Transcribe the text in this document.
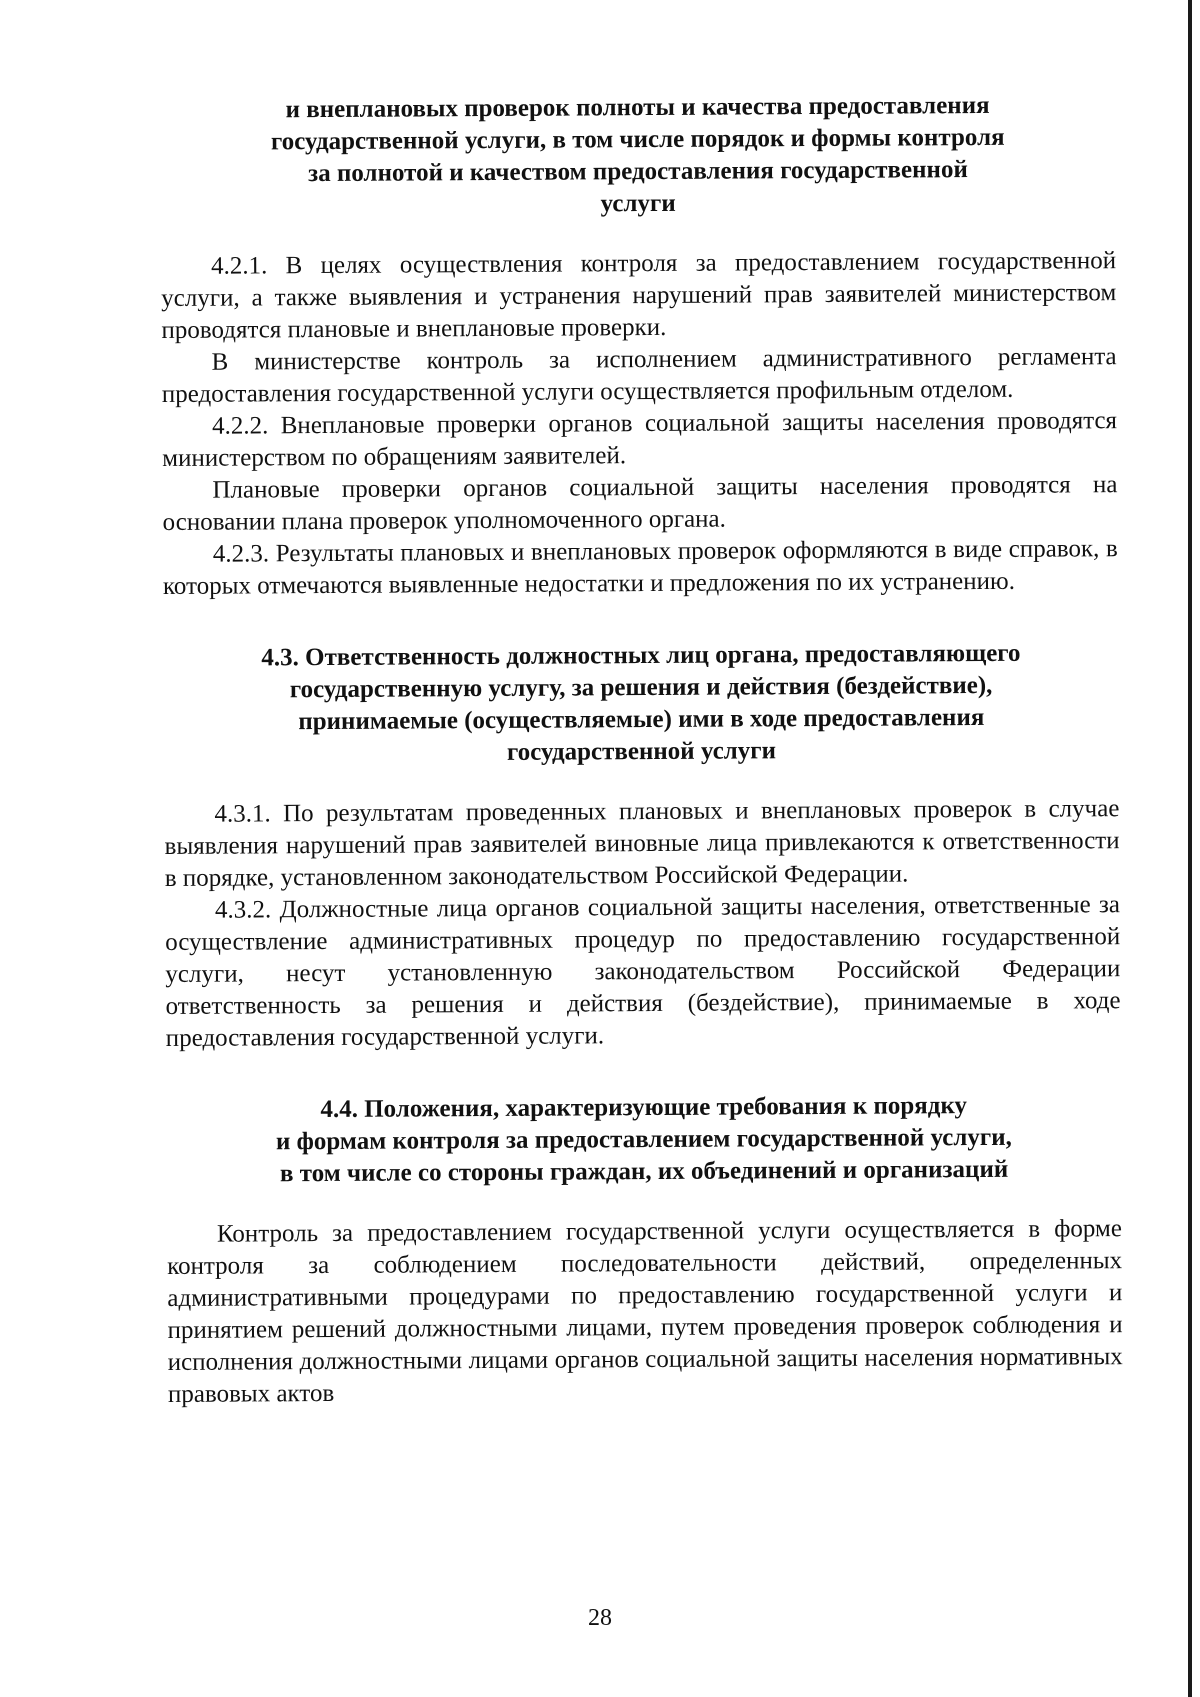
и внеплановых проверок полноты и качества предоставления
государственной услуги, в том числе порядок и формы контроля
за полнотой и качеством предоставления государственной
услуги

4.2.1. В целях осуществления контроля за предоставлением государственной услуги, а также выявления и устранения нарушений прав заявителей министерством проводятся плановые и внеплановые проверки.

В министерстве контроль за исполнением административного регламента предоставления государственной услуги осуществляется профильным отделом.

4.2.2. Внеплановые проверки органов социальной защиты населения проводятся министерством по обращениям заявителей.

Плановые проверки органов социальной защиты населения проводятся на основании плана проверок уполномоченного органа.

4.2.3. Результаты плановых и внеплановых проверок оформляются в виде справок, в которых отмечаются выявленные недостатки и предложения по их устранению.

4.3. Ответственность должностных лиц органа, предоставляющего
государственную услугу, за решения и действия (бездействие),
принимаемые (осуществляемые) ими в ходе предоставления
государственной услуги

4.3.1. По результатам проведенных плановых и внеплановых проверок в случае выявления нарушений прав заявителей виновные лица привлекаются к ответственности в порядке, установленном законодательством Российской Федерации.

4.3.2. Должностные лица органов социальной защиты населения, ответственные за осуществление административных процедур по предоставлению государственной услуги, несут установленную законодательством Российской Федерации ответственность за решения и действия (бездействие), принимаемые в ходе предоставления государственной услуги.

4.4. Положения, характеризующие требования к порядку
и формам контроля за предоставлением государственной услуги,
в том числе со стороны граждан, их объединений и организаций

Контроль за предоставлением государственной услуги осуществляется в форме контроля за соблюдением последовательности действий, определенных административными процедурами по предоставлению государственной услуги и принятием решений должностными лицами, путем проведения проверок соблюдения и исполнения должностными лицами органов социальной защиты населения нормативных правовых актов

28
